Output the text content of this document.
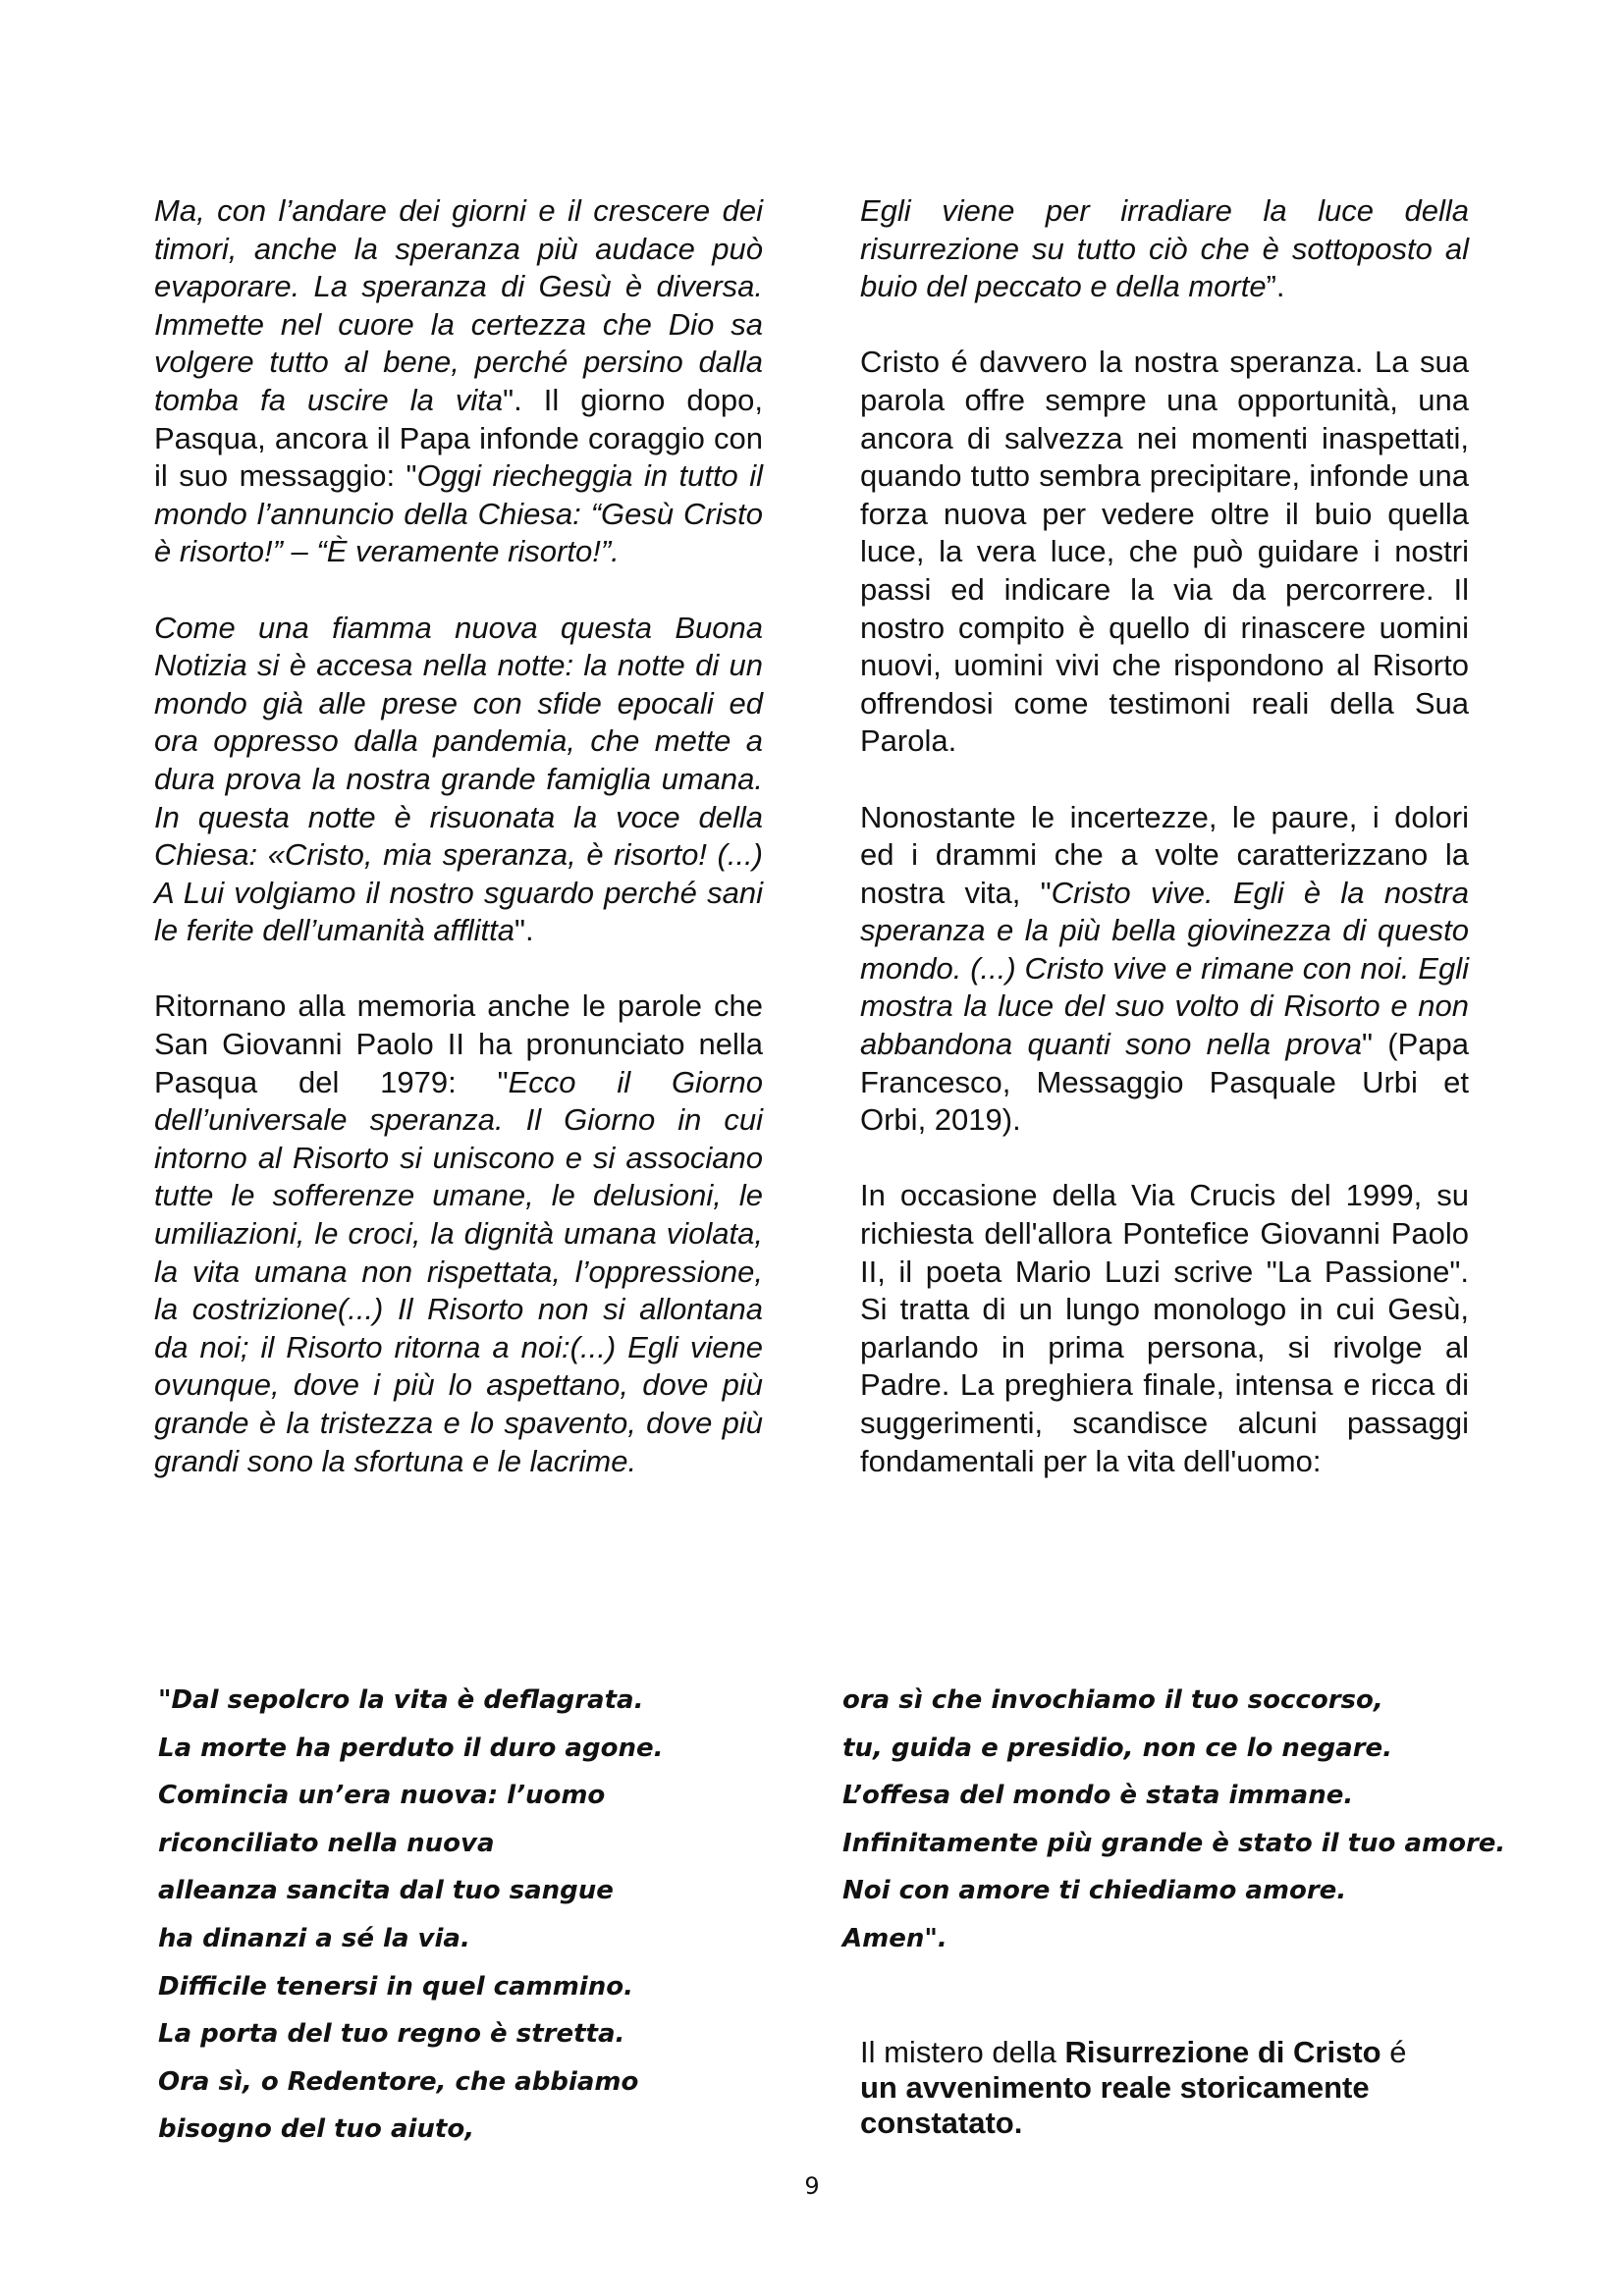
Ma, con l’andare dei giorni e il crescere dei timori, anche la speranza più audace può evaporare. La speranza di Gesù è diversa. Immette nel cuore la certezza che Dio sa volgere tutto al bene, perché persino dalla tomba fa uscire la vita". Il giorno dopo, Pasqua, ancora il Papa infonde coraggio con il suo messaggio: "Oggi riecheggia in tutto il mondo l’annuncio della Chiesa: “Gesù Cristo è risorto!” – “È veramente risorto!”.

Come una fiamma nuova questa Buona Notizia si è accesa nella notte: la notte di un mondo già alle prese con sfide epocali ed ora oppresso dalla pandemia, che mette a dura prova la nostra grande famiglia umana. In questa notte è risuonata la voce della Chiesa: «Cristo, mia speranza, è risorto! (...) A Lui volgiamo il nostro sguardo perché sani le ferite dell’umanità afflitta".

Ritornano alla memoria anche le parole che San Giovanni Paolo II ha pronunciato nella Pasqua del 1979: "Ecco il Giorno dell’universale speranza. Il Giorno in cui intorno al Risorto si uniscono e si associano tutte le sofferenze umane, le delusioni, le umiliazioni, le croci, la dignità umana violata, la vita umana non rispettata, l’oppressione, la costrizione(...) Il Risorto non si allontana da noi; il Risorto ritorna a noi:(...) Egli viene ovunque, dove i più lo aspettano, dove più grande è la tristezza e lo spavento, dove più grandi sono la sfortuna e le lacrime.

Egli viene per irradiare la luce della risurrezione su tutto ciò che è sottoposto al buio del peccato e della morte”.

Cristo é davvero la nostra speranza. La sua parola offre sempre una opportunità, una ancora di salvezza nei momenti inaspettati, quando tutto sembra precipitare, infonde una forza nuova per vedere oltre il buio quella luce, la vera luce, che può guidare i nostri passi ed indicare la via da percorrere. Il nostro compito è quello di rinascere uomini nuovi, uomini vivi che rispondono al Risorto offrendosi come testimoni reali della Sua Parola.

Nonostante le incertezze, le paure, i dolori ed i drammi che a volte caratterizzano la nostra vita, "Cristo vive. Egli è la nostra speranza e la più bella giovinezza di questo mondo. (...) Cristo vive e rimane con noi. Egli mostra la luce del suo volto di Risorto e non abbandona quanti sono nella prova" (Papa Francesco, Messaggio Pasquale Urbi et Orbi, 2019).

In occasione della Via Crucis del 1999, su richiesta dell'allora Pontefice Giovanni Paolo II, il poeta Mario Luzi scrive "La Passione". Si tratta di un lungo monologo in cui Gesù, parlando in prima persona, si rivolge al Padre. La preghiera finale, intensa e ricca di suggerimenti, scandisce alcuni passaggi fondamentali per la vita dell'uomo:

"Dal sepolcro la vita è deflagrata.
La morte ha perduto il duro agone.
Comincia un’era nuova: l’uomo
riconciliato nella nuova
alleanza sancita dal tuo sangue
ha dinanzi a sé la via.
Difficile tenersi in quel cammino.
La porta del tuo regno è stretta.
Ora sì, o Redentore, che abbiamo
bisogno del tuo aiuto,
ora sì che invochiamo il tuo soccorso,
tu, guida e presidio, non ce lo negare.
L’offesa del mondo è stata immane.
Infinitamente più grande è stato il tuo amore.
Noi con amore ti chiediamo amore.
Amen".
Il mistero della Risurrezione di Cristo é un avvenimento reale storicamente constatato.
9
